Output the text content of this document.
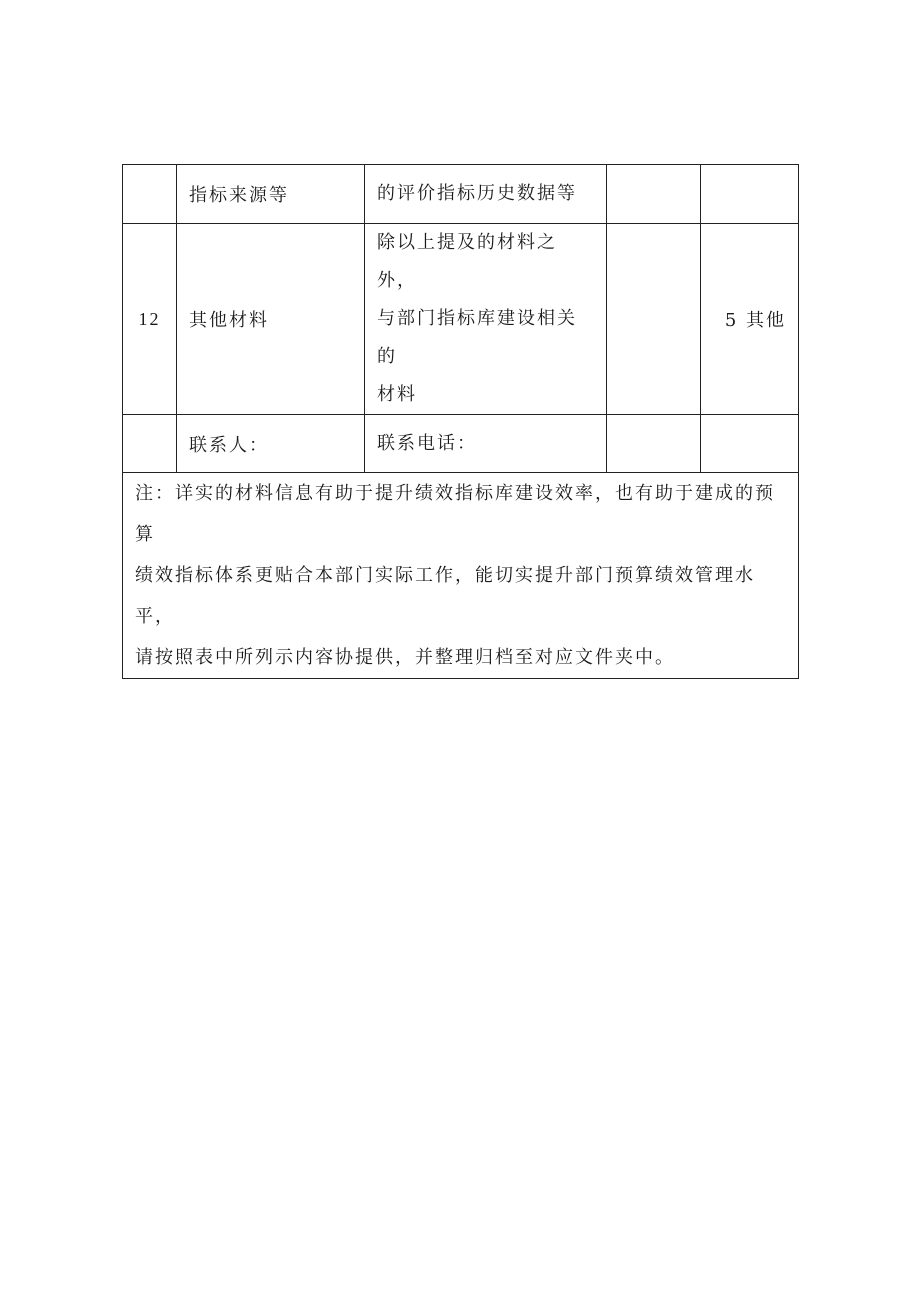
	指标来源等	的评价指标历史数据等		

12	其他材料	除以上提及的材料之外，
与部门指标库建设相关的
材料		5 其他
	联系人：	联系电话：		

注：详实的材料信息有助于提升绩效指标库建设效率，也有助于建成的预算
绩效指标体系更贴合本部门实际工作，能切实提升部门预算绩效管理水平，
请按照表中所列示内容协提供，并整理归档至对应文件夹中。				
